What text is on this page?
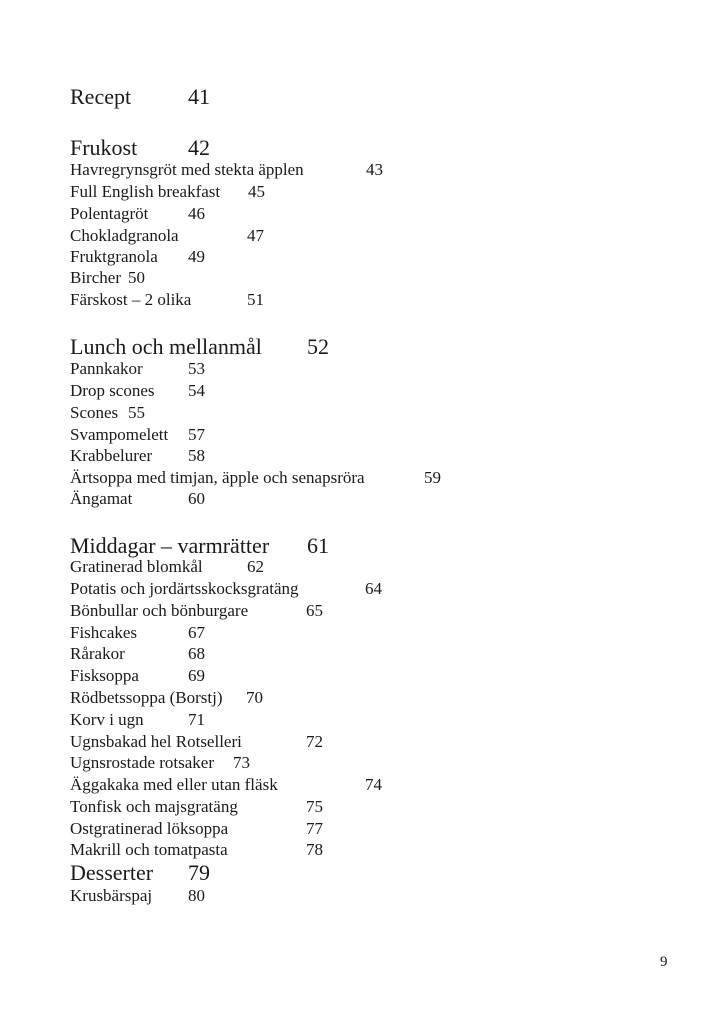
Recept	41
Frukost 42
Havregrynsgröt med stekta äpplen	43
Full English breakfast 45
Polentagröt 46
Chokladgranola	47
Fruktgranola 49
Bircher 50
Färskost – 2 olika	51
Lunch och mellanmål 52
Pannkakor	53
Drop scones 54
Scones 55
Svampomelett 57
Krabbelurer 58
Ärtsoppa med timjan, äpple och senapsröra	59
Ängamat	60
Middagar – varmrätter 61
Gratinerad blomkål	62
Potatis och jordärtsskocksgratäng	64
Bönbullar och bönburgare	65
Fishcakes	67
Rårakor	68
Fisksoppa	69
Rödbetssoppa (Borstj) 70
Korv i ugn	71
Ugnsbakad hel Rotselleri	72
Ugnsrostade rotsaker 73
Äggakaka med eller utan fläsk	74
Tonfisk och majsgratäng	75
Ostgratinerad löksoppa	77
Makrill och tomatpasta	78
Desserter 79
Krusbärspaj 80
9
